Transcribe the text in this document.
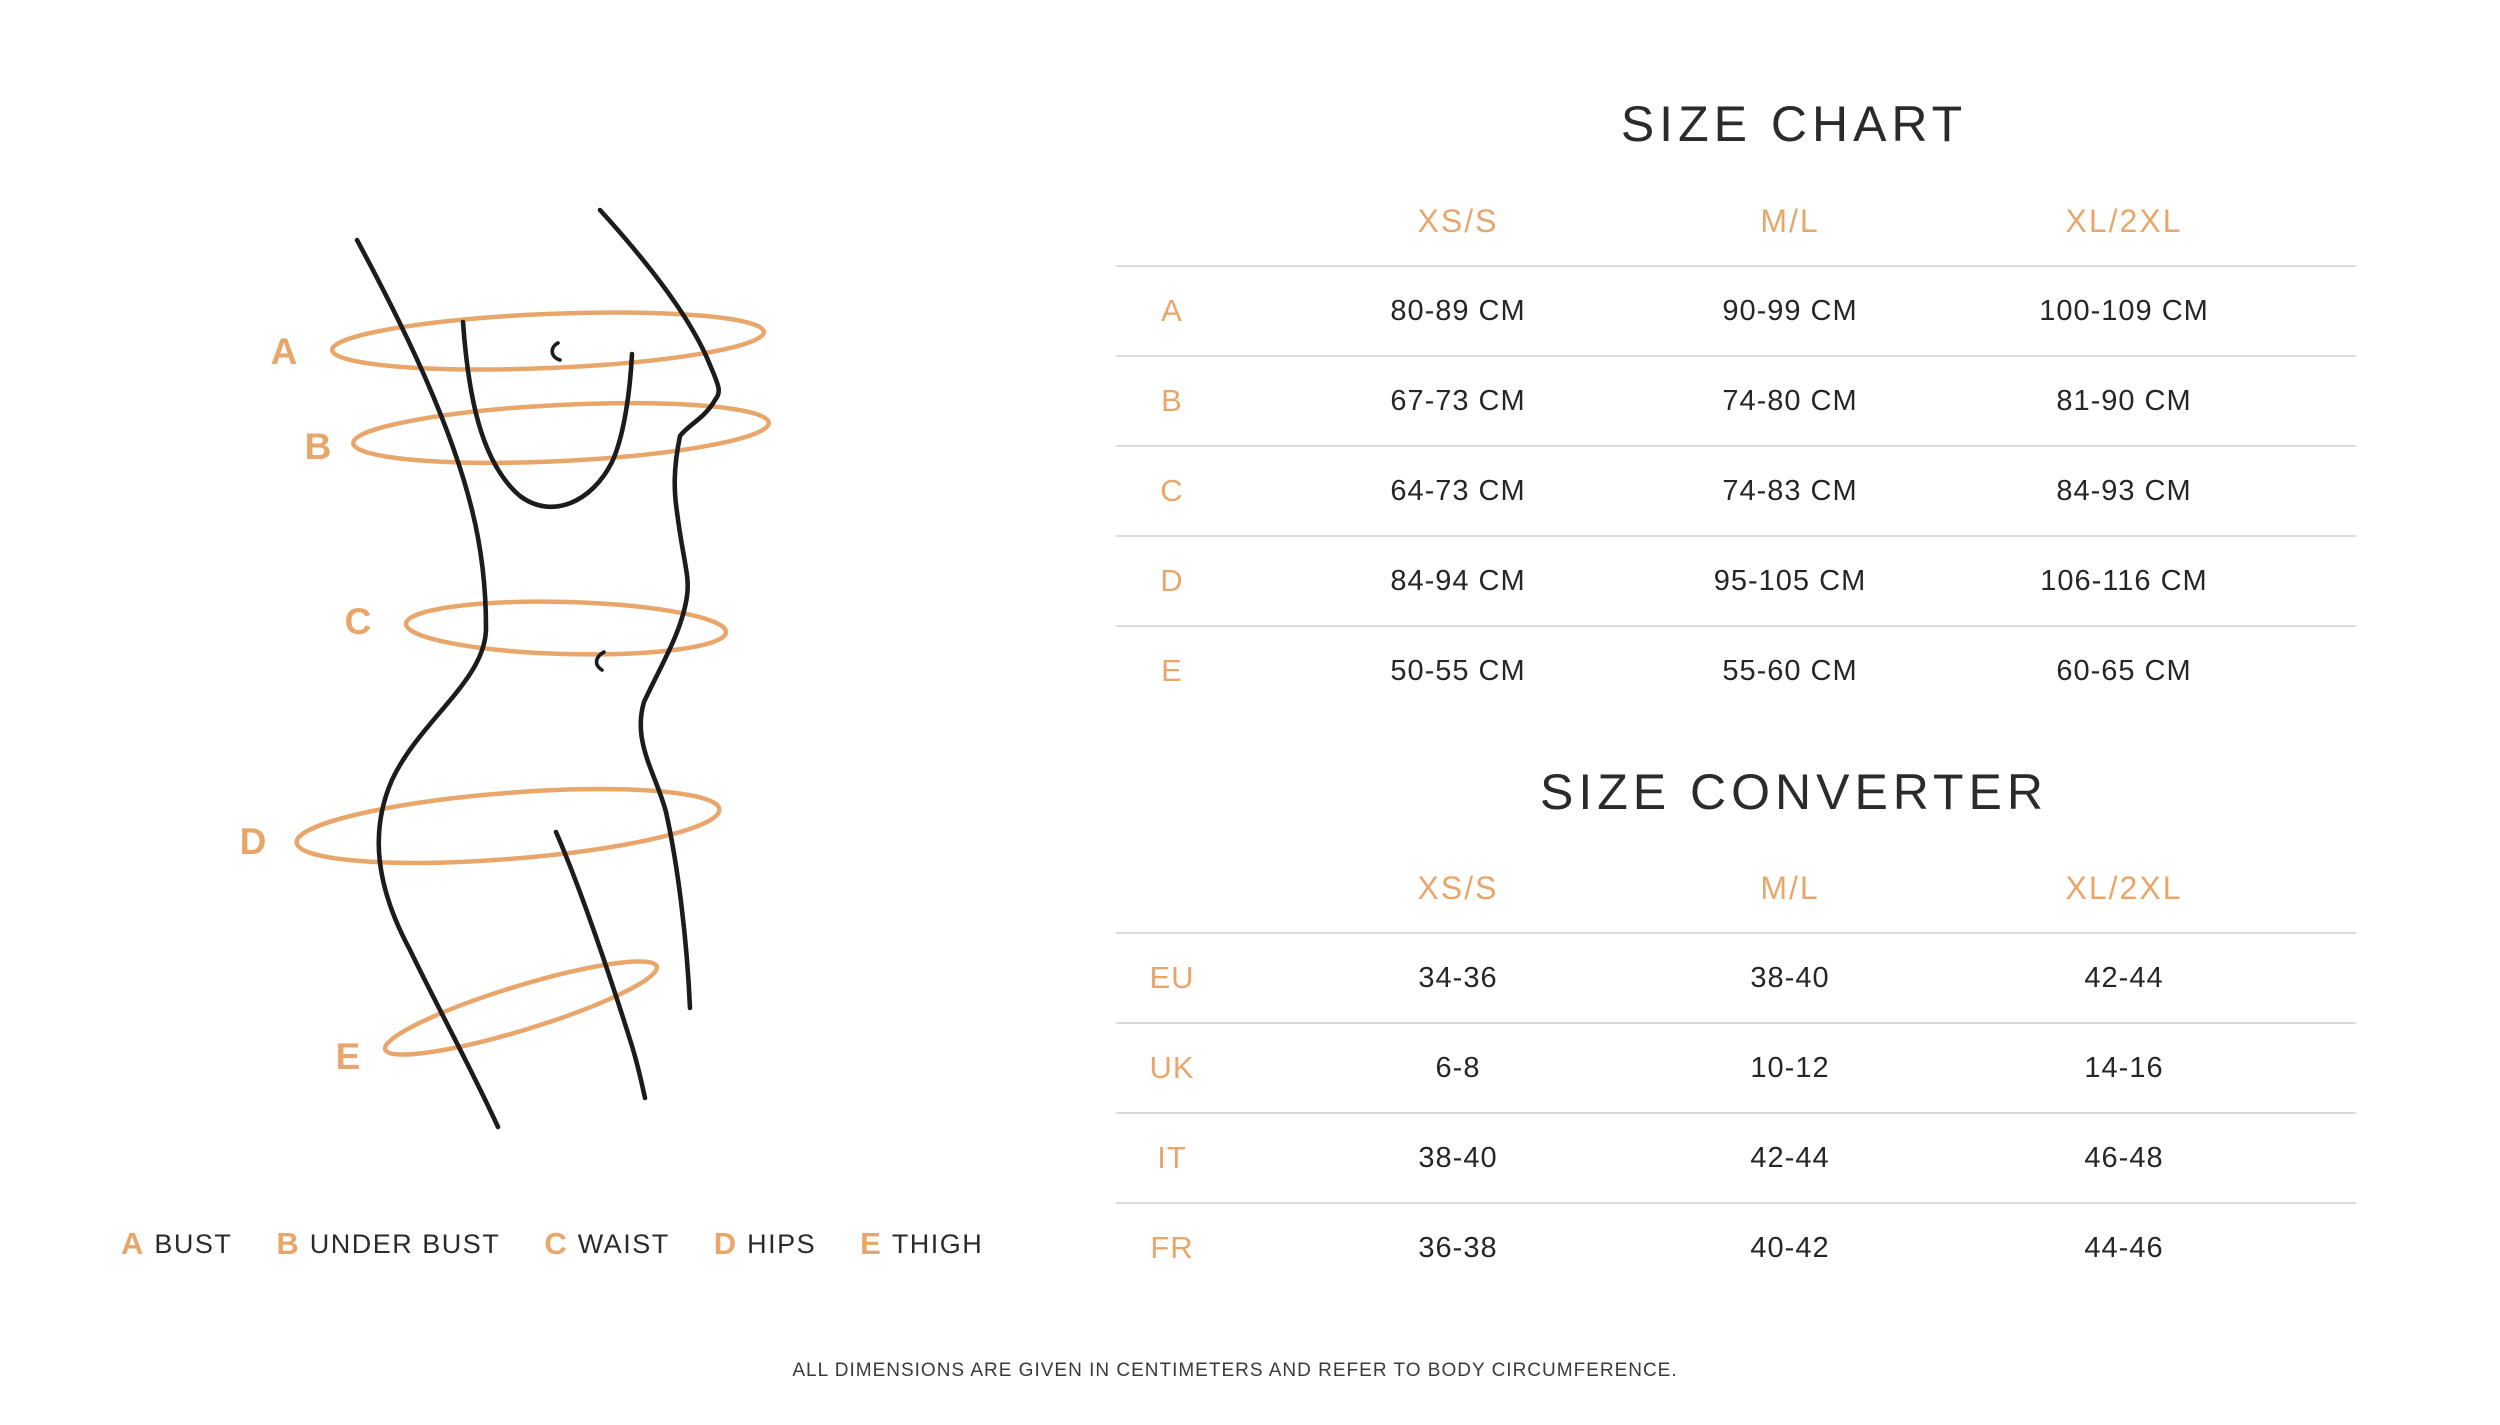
A
B
C
D
E
SIZE CHART
XS/S	M/L	XL/2XL
A	80-89 CM	90-99 CM	100-109 CM
B	67-73 CM	74-80 CM	81-90 CM
C	64-73 CM	74-83 CM	84-93 CM
D	84-94 CM	95-105 CM	106-116 CM
E	50-55 CM	55-60 CM	60-65 CM
SIZE CONVERTER
XS/S	M/L	XL/2XL
EU	34-36	38-40	42-44
UK	6-8	10-12	14-16
IT	38-40	42-44	46-48
FR	36-38	40-42	44-46
A BUST B UNDER BUST C WAIST D HIPS E THIGH
ALL DIMENSIONS ARE GIVEN IN CENTIMETERS AND REFER TO BODY CIRCUMFERENCE.
